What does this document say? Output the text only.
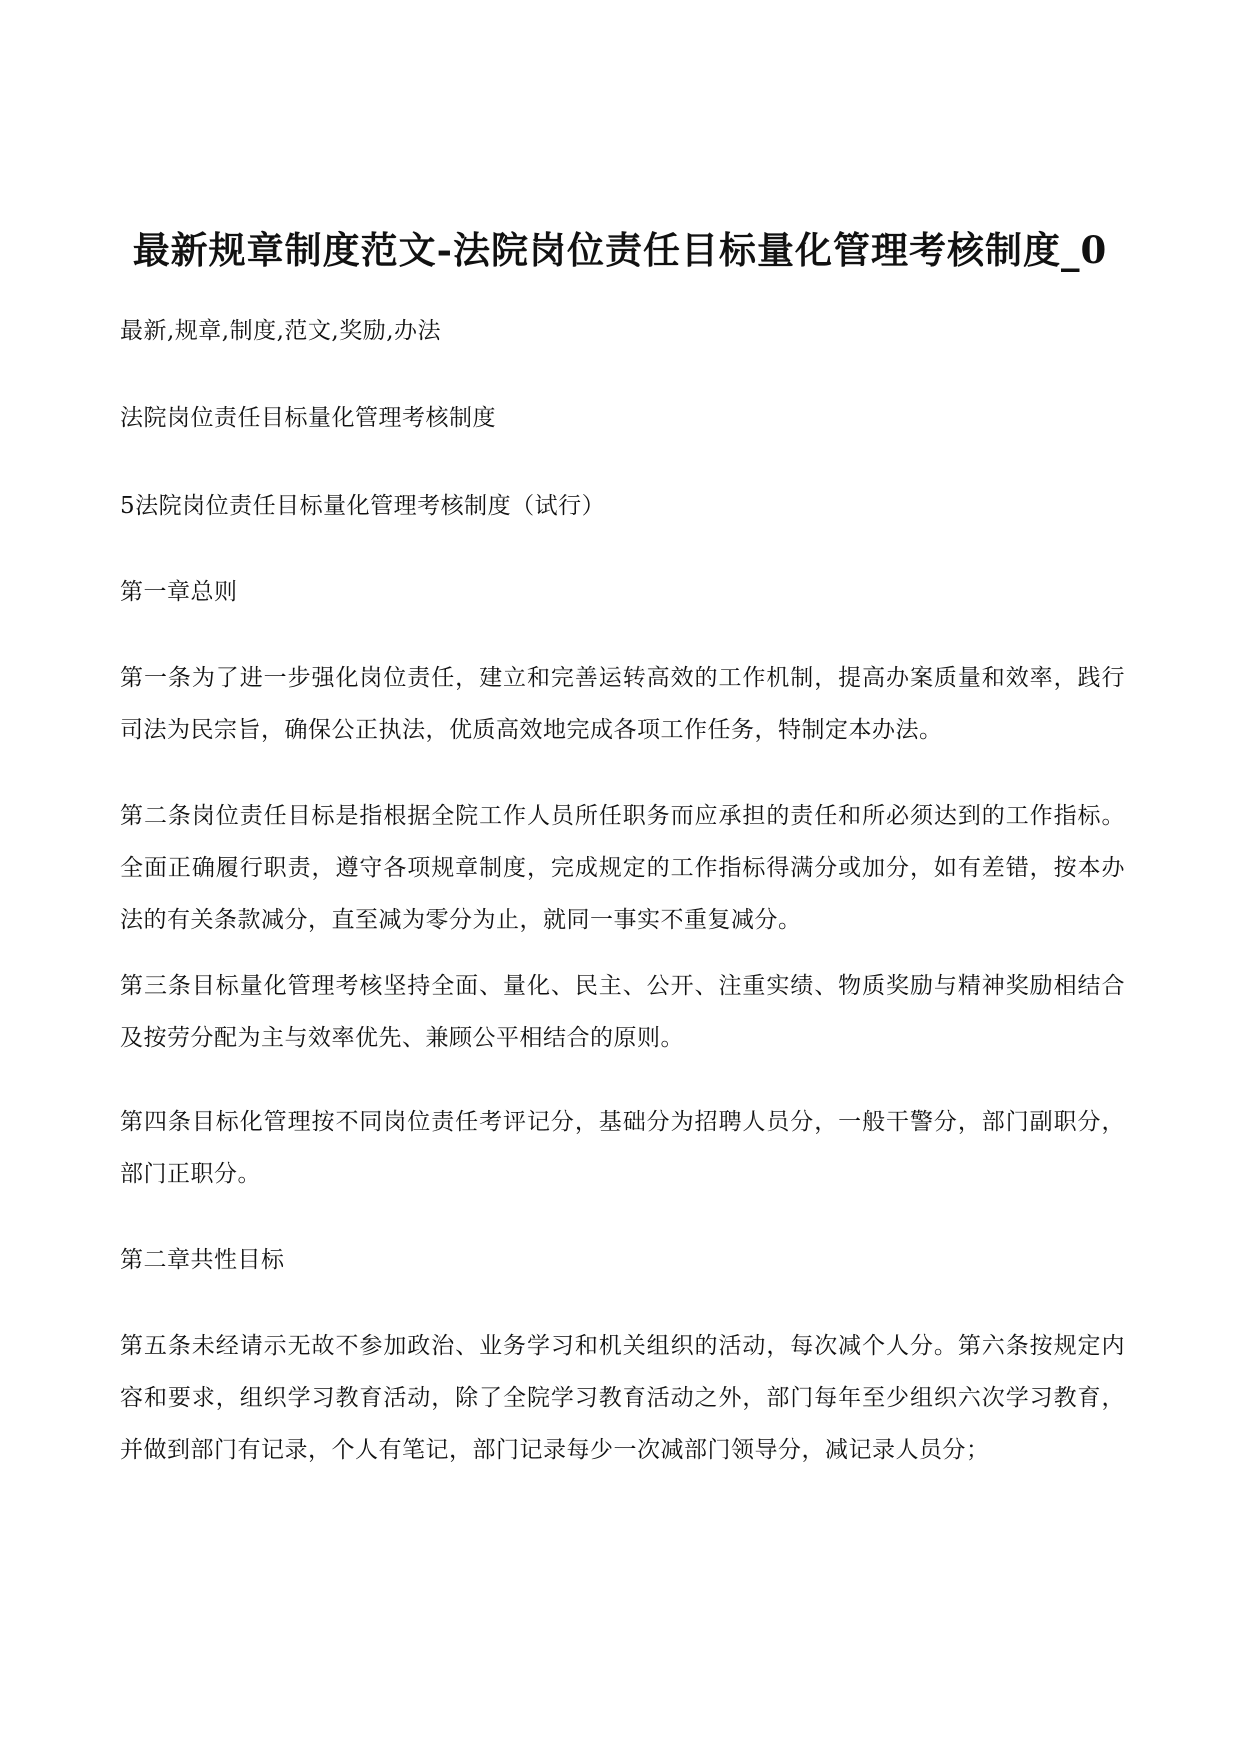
最新规章制度范文-法院岗位责任目标量化管理考核制度_0

最新,规章,制度,范文,奖励,办法

法院岗位责任目标量化管理考核制度

5法院岗位责任目标量化管理考核制度（试行）

第一章总则

第一条为了进一步强化岗位责任，建立和完善运转高效的工作机制，提高办案质量和效率，践行司法为民宗旨，确保公正执法，优质高效地完成各项工作任务，特制定本办法。

第二条岗位责任目标是指根据全院工作人员所任职务而应承担的责任和所必须达到的工作指标。全面正确履行职责，遵守各项规章制度，完成规定的工作指标得满分或加分，如有差错，按本办法的有关条款减分，直至减为零分为止，就同一事实不重复减分。

第三条目标量化管理考核坚持全面、量化、民主、公开、注重实绩、物质奖励与精神奖励相结合及按劳分配为主与效率优先、兼顾公平相结合的原则。

第四条目标化管理按不同岗位责任考评记分，基础分为招聘人员分，一般干警分，部门副职分，部门正职分。

第二章共性目标

第五条未经请示无故不参加政治、业务学习和机关组织的活动，每次减个人分。第六条按规定内容和要求，组织学习教育活动，除了全院学习教育活动之外，部门每年至少组织六次学习教育，并做到部门有记录，个人有笔记，部门记录每少一次减部门领导分，减记录人员分；
